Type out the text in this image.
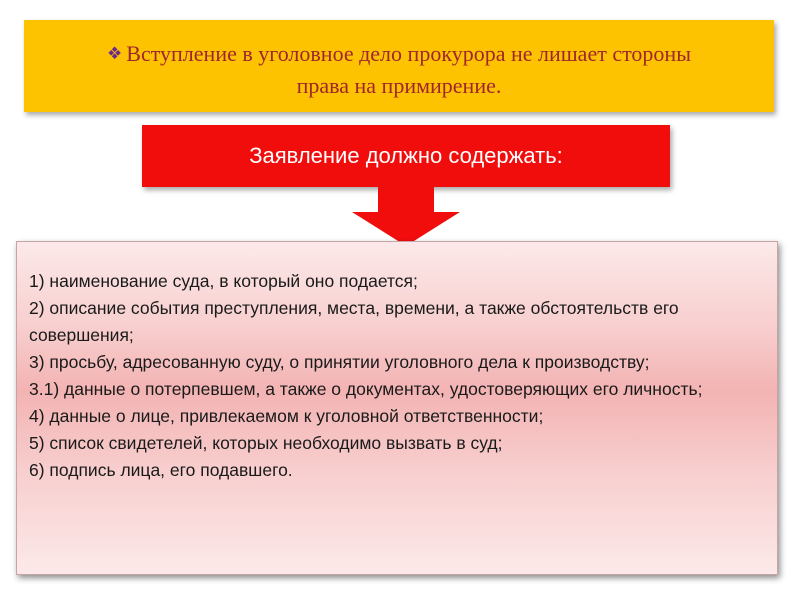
❖ Вступление в уголовное дело прокурора не лишает стороны
права на примирение.
Заявление должно содержать:
1) наименование суда, в который оно подается;
2) описание события преступления, места, времени, а также обстоятельств его совершения;
3) просьбу, адресованную суду, о принятии уголовного дела к производству;
3.1) данные о потерпевшем, а также о документах, удостоверяющих его личность;
4) данные о лице, привлекаемом к уголовной ответственности;
5) список свидетелей, которых необходимо вызвать в суд;
6) подпись лица, его подавшего.
